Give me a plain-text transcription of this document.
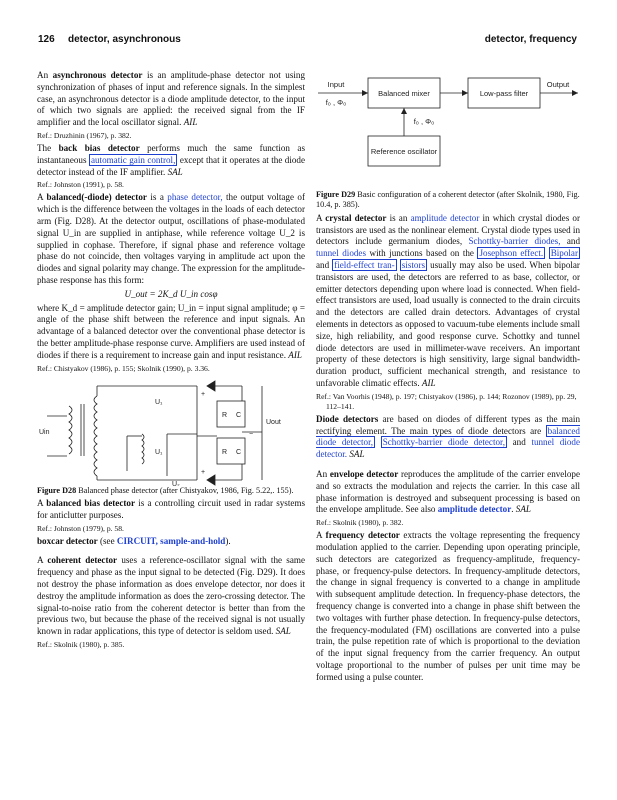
126 detector, asynchronous	detector, frequency

An asynchronous detector is an amplitude-phase detector not using synchronization of phases of input and reference signals. In the simplest case, an asynchronous detector is a diode amplitude detector, to the input of which two signals are applied: the received signal from the IF amplifier and the local oscillator signal. AIL

Ref.: Druzhinin (1967), p. 382.

The back bias detector performs much the same function as instantaneous automatic gain control, except that it operates at the diode detector instead of the IF amplifier. SAL

Ref.: Johnston (1991), p. 58.

A balanced(-diode) detector is a phase detector, the output voltage of which is the difference between the voltages in the loads of each detector arm (Fig. D28). At the detector output, oscillations of phase-modulated signal U_in are supplied in antiphase, while reference voltage U_2 is supplied in cophase. Therefore, if signal phase and reference voltage phase do not coincide, then voltages varying in amplitude act upon the diodes and signal polarity may change. The expression for the amplitude-phase response has this form:

U_out = 2K_d U_in cosφ

where K_d = amplitude detector gain; U_in = input signal amplitude; φ = angle of the phase shift between the reference and input signals. An advantage of a balanced detector over the conventional phase detector is the better amplitude-phase response curve. Amplifiers are used instead of diodes if there is a requirement to increase gain and input resistance. AIL

Ref.: Chistyakov (1986), p. 155; Skolnik (1990), p. 3.36.

U₁
U₁
Uin
Uout
U₂
R C
R C
+
+
−

Figure D28 Balanced phase detector (after Chistyakov, 1986, Fig. 5.22,. 155).

A balanced bias detector is a controlling circuit used in radar systems for anticlutter purposes.

Ref.: Johnston (1979), p. 58.

boxcar detector (see CIRCUIT, sample-and-hold).

A coherent detector uses a reference-oscillator signal with the same frequency and phase as the input signal to be detected (Fig. D29). It does not destroy the phase information as does envelope detector, nor does it destroy the amplitude information as does the zero-crossing detector. The signal-to-noise ratio from the coherent detector is better than from the previous two, but because the phase of the received signal is not usually known in radar applications, this type of detector is seldom used. SAL

Ref.: Skolnik (1980), p. 385.

Input	Output
Balanced mixer	Low-pass filter
Reference oscillator
f₀ , Φ₀
f₀ , Φ₀

Figure D29 Basic configuration of a coherent detector (after Skolnik, 1980, Fig. 10.4, p. 385).

A crystal detector is an amplitude detector in which crystal diodes or transistors are used as the nonlinear element. Crystal diode types used in detectors include germanium diodes, Schottky-barrier diodes, and tunnel diodes with junctions based on the Josephson effect. Bipolar and field-effect tran- sistors usually may also be used. When bipolar transistors are used, the detectors are referred to as base, collector, or emitter detectors depending upon where load is connected. When field-effect transistors are used, load usually is connected to the drain circuits and the detectors are called drain detectors. Advantages of crystal elements in detectors as opposed to vacuum-tube elements include small size, high reliability, and good response curve. Schottky and tunnel diode detectors are used in millimeter-wave receivers. An important property of these detectors is high sensitivity, large signal bandwidth-duration product, sufficient mechanical strength, and resistance to unfavorable climatic effects. AIL

Ref.: Van Voorhis (1948), p. 197; Chistyakov (1986), p. 144; Rozonov (1989), pp. 29, 112–141.

Diode detectors are based on diodes of different types as the main rectifying element. The main types of diode detectors are balanced diode detector, Schottky-barrier diode detector, and tunnel diode detector. SAL

An envelope detector reproduces the amplitude of the carrier envelope and so extracts the modulation and rejects the carrier. In this case all phase information is destroyed and subsequent processing is based on the envelope amplitude. See also amplitude detector. SAL

Ref.: Skolnik (1980), p. 382.

A frequency detector extracts the voltage representing the frequency modulation applied to the carrier. Depending upon operating principle, such detectors are categorized as frequency-amplitude, frequency-phase, or frequency-pulse detectors. In frequency-amplitude detectors, the change in signal frequency is converted to a change in amplitude with subsequent amplitude detection. In frequency-phase detectors, the frequency change is converted into a change in phase shift between the two voltages with further phase detection. In frequency-pulse detectors, the frequency-modulated (FM) oscillations are converted into a pulse train, the pulse repetition rate of which is proportional to the deviation of the input signal frequency from the carrier frequency. An output voltage proportional to the number of pulses per unit time may be formed using a pulse counter.
